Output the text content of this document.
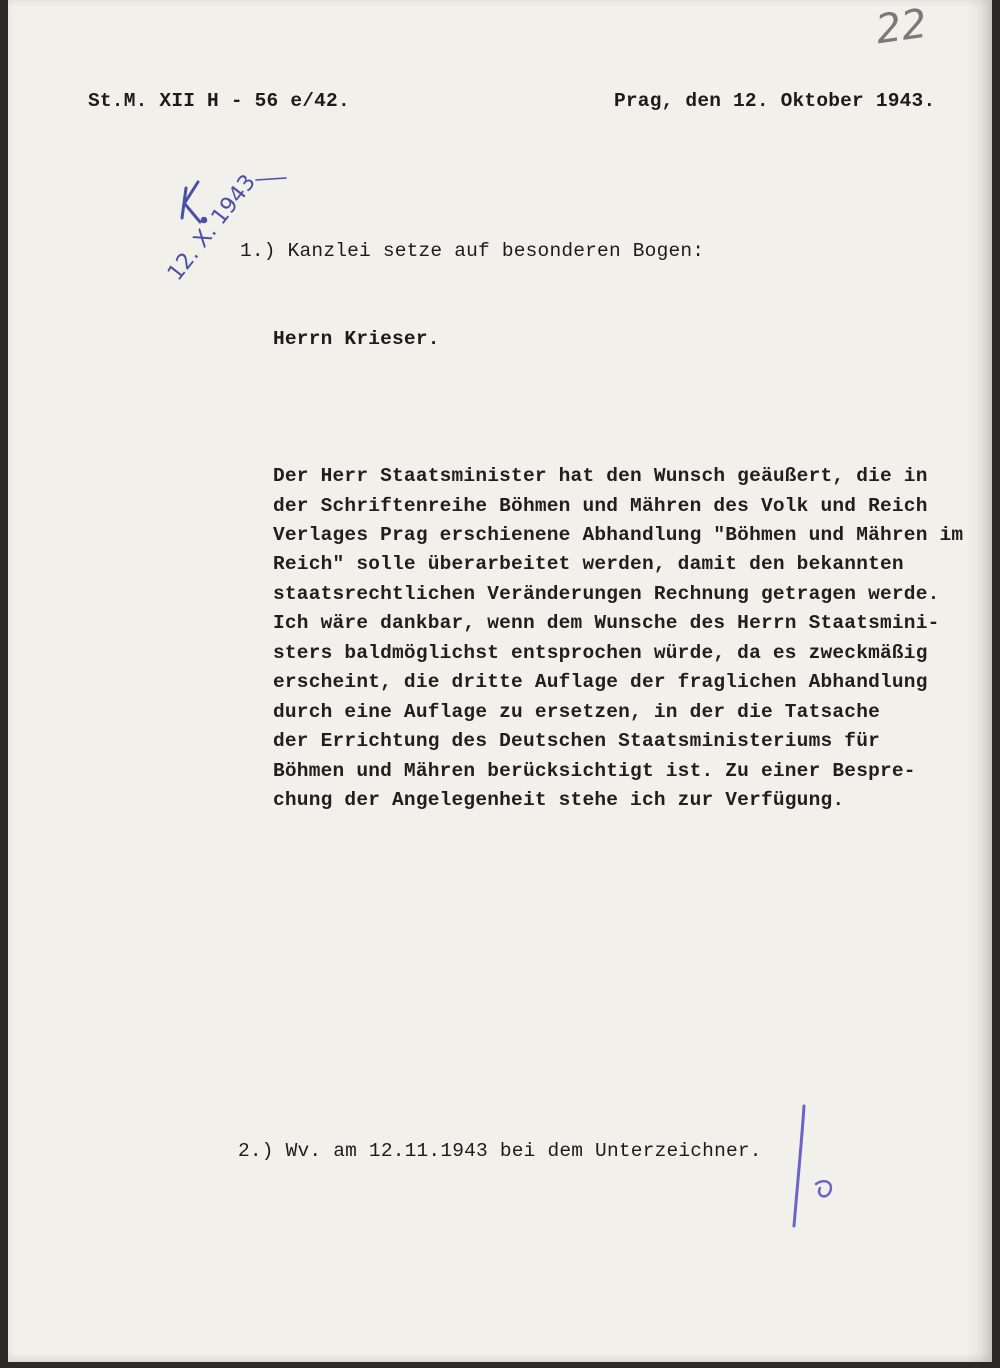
22
St.M. XII H - 56 e/42.	Prag, den 12. Oktober 1943.
12. X. 1943
1.) Kanzlei setze auf besonderen Bogen:
Herrn Krieser.
Der Herr Staatsminister hat den Wunsch geäußert, die in
der Schriftenreihe Böhmen und Mähren des Volk und Reich
Verlages Prag erschienene Abhandlung "Böhmen und Mähren im
Reich" solle überarbeitet werden, damit den bekannten
staatsrechtlichen Veränderungen Rechnung getragen werde.
Ich wäre dankbar, wenn dem Wunsche des Herrn Staatsmini-
sters baldmöglichst entsprochen würde, da es zweckmäßig
erscheint, die dritte Auflage der fraglichen Abhandlung
durch eine Auflage zu ersetzen, in der die Tatsache
der Errichtung des Deutschen Staatsministeriums für
Böhmen und Mähren berücksichtigt ist. Zu einer Bespre-
chung der Angelegenheit stehe ich zur Verfügung.
2.) Wv. am 12.11.1943 bei dem Unterzeichner.
